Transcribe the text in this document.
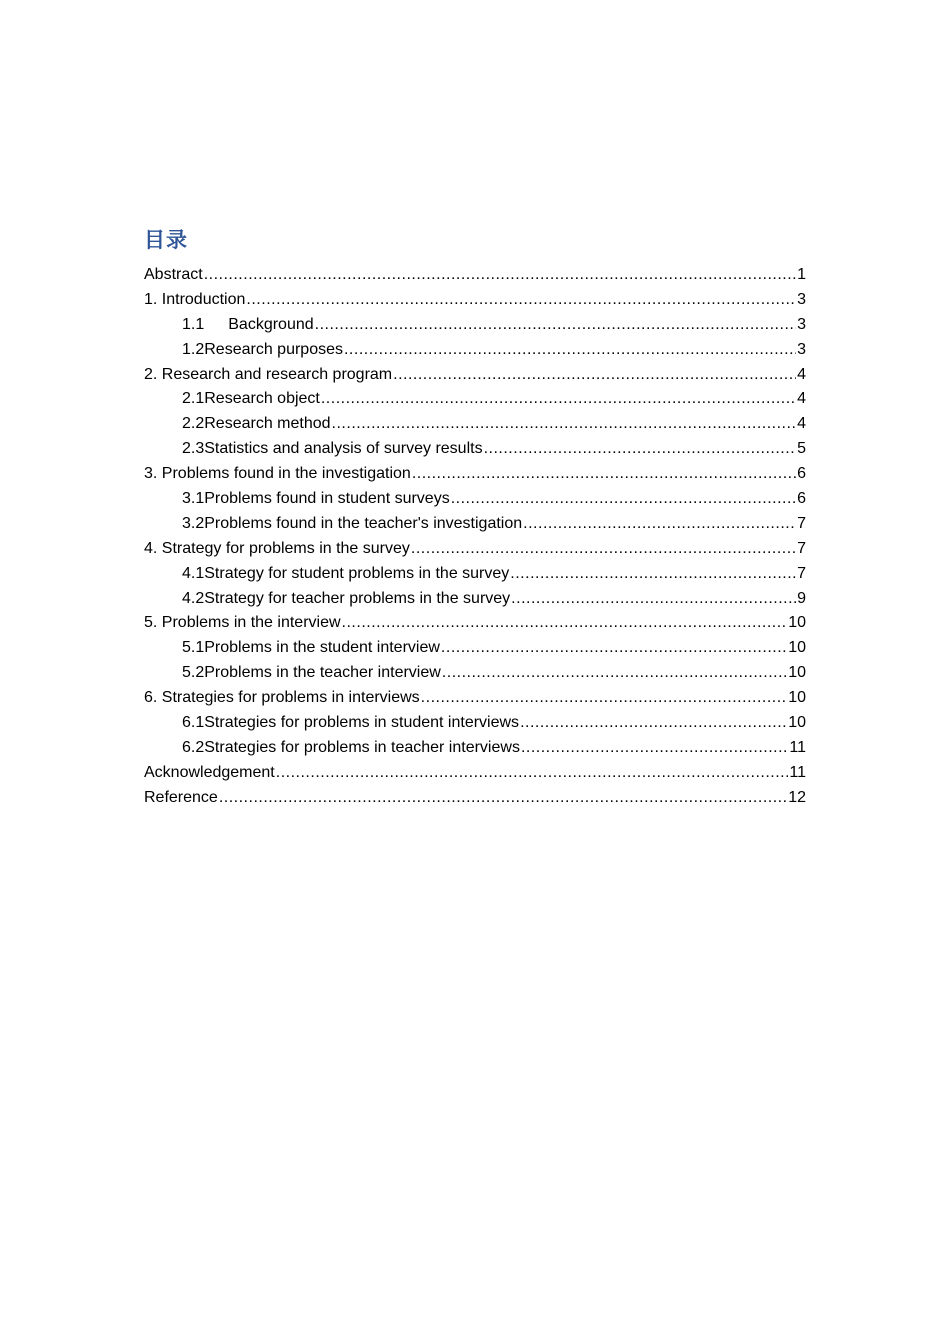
目录
Abstract .....	1
1. Introduction .....	3
1.1 Background .....	3
1.2Research purposes .....	3
2. Research and research program .....	4
2.1Research object .....	4
2.2Research method .....	4
2.3Statistics and analysis of survey results .....	5
3. Problems found in the investigation .....	6
3.1Problems found in student surveys .....	6
3.2Problems found in the teacher's investigation .....	7
4. Strategy for problems in the survey .....	7
4.1Strategy for student problems in the survey .....	7
4.2Strategy for teacher problems in the survey .....	9
5. Problems in the interview .....	10
5.1Problems in the student interview .....	10
5.2Problems in the teacher interview .....	10
6. Strategies for problems in interviews .....	10
6.1Strategies for problems in student interviews .....	10
6.2Strategies for problems in teacher interviews .....	11
Acknowledgement .....	11
Reference .....	12
